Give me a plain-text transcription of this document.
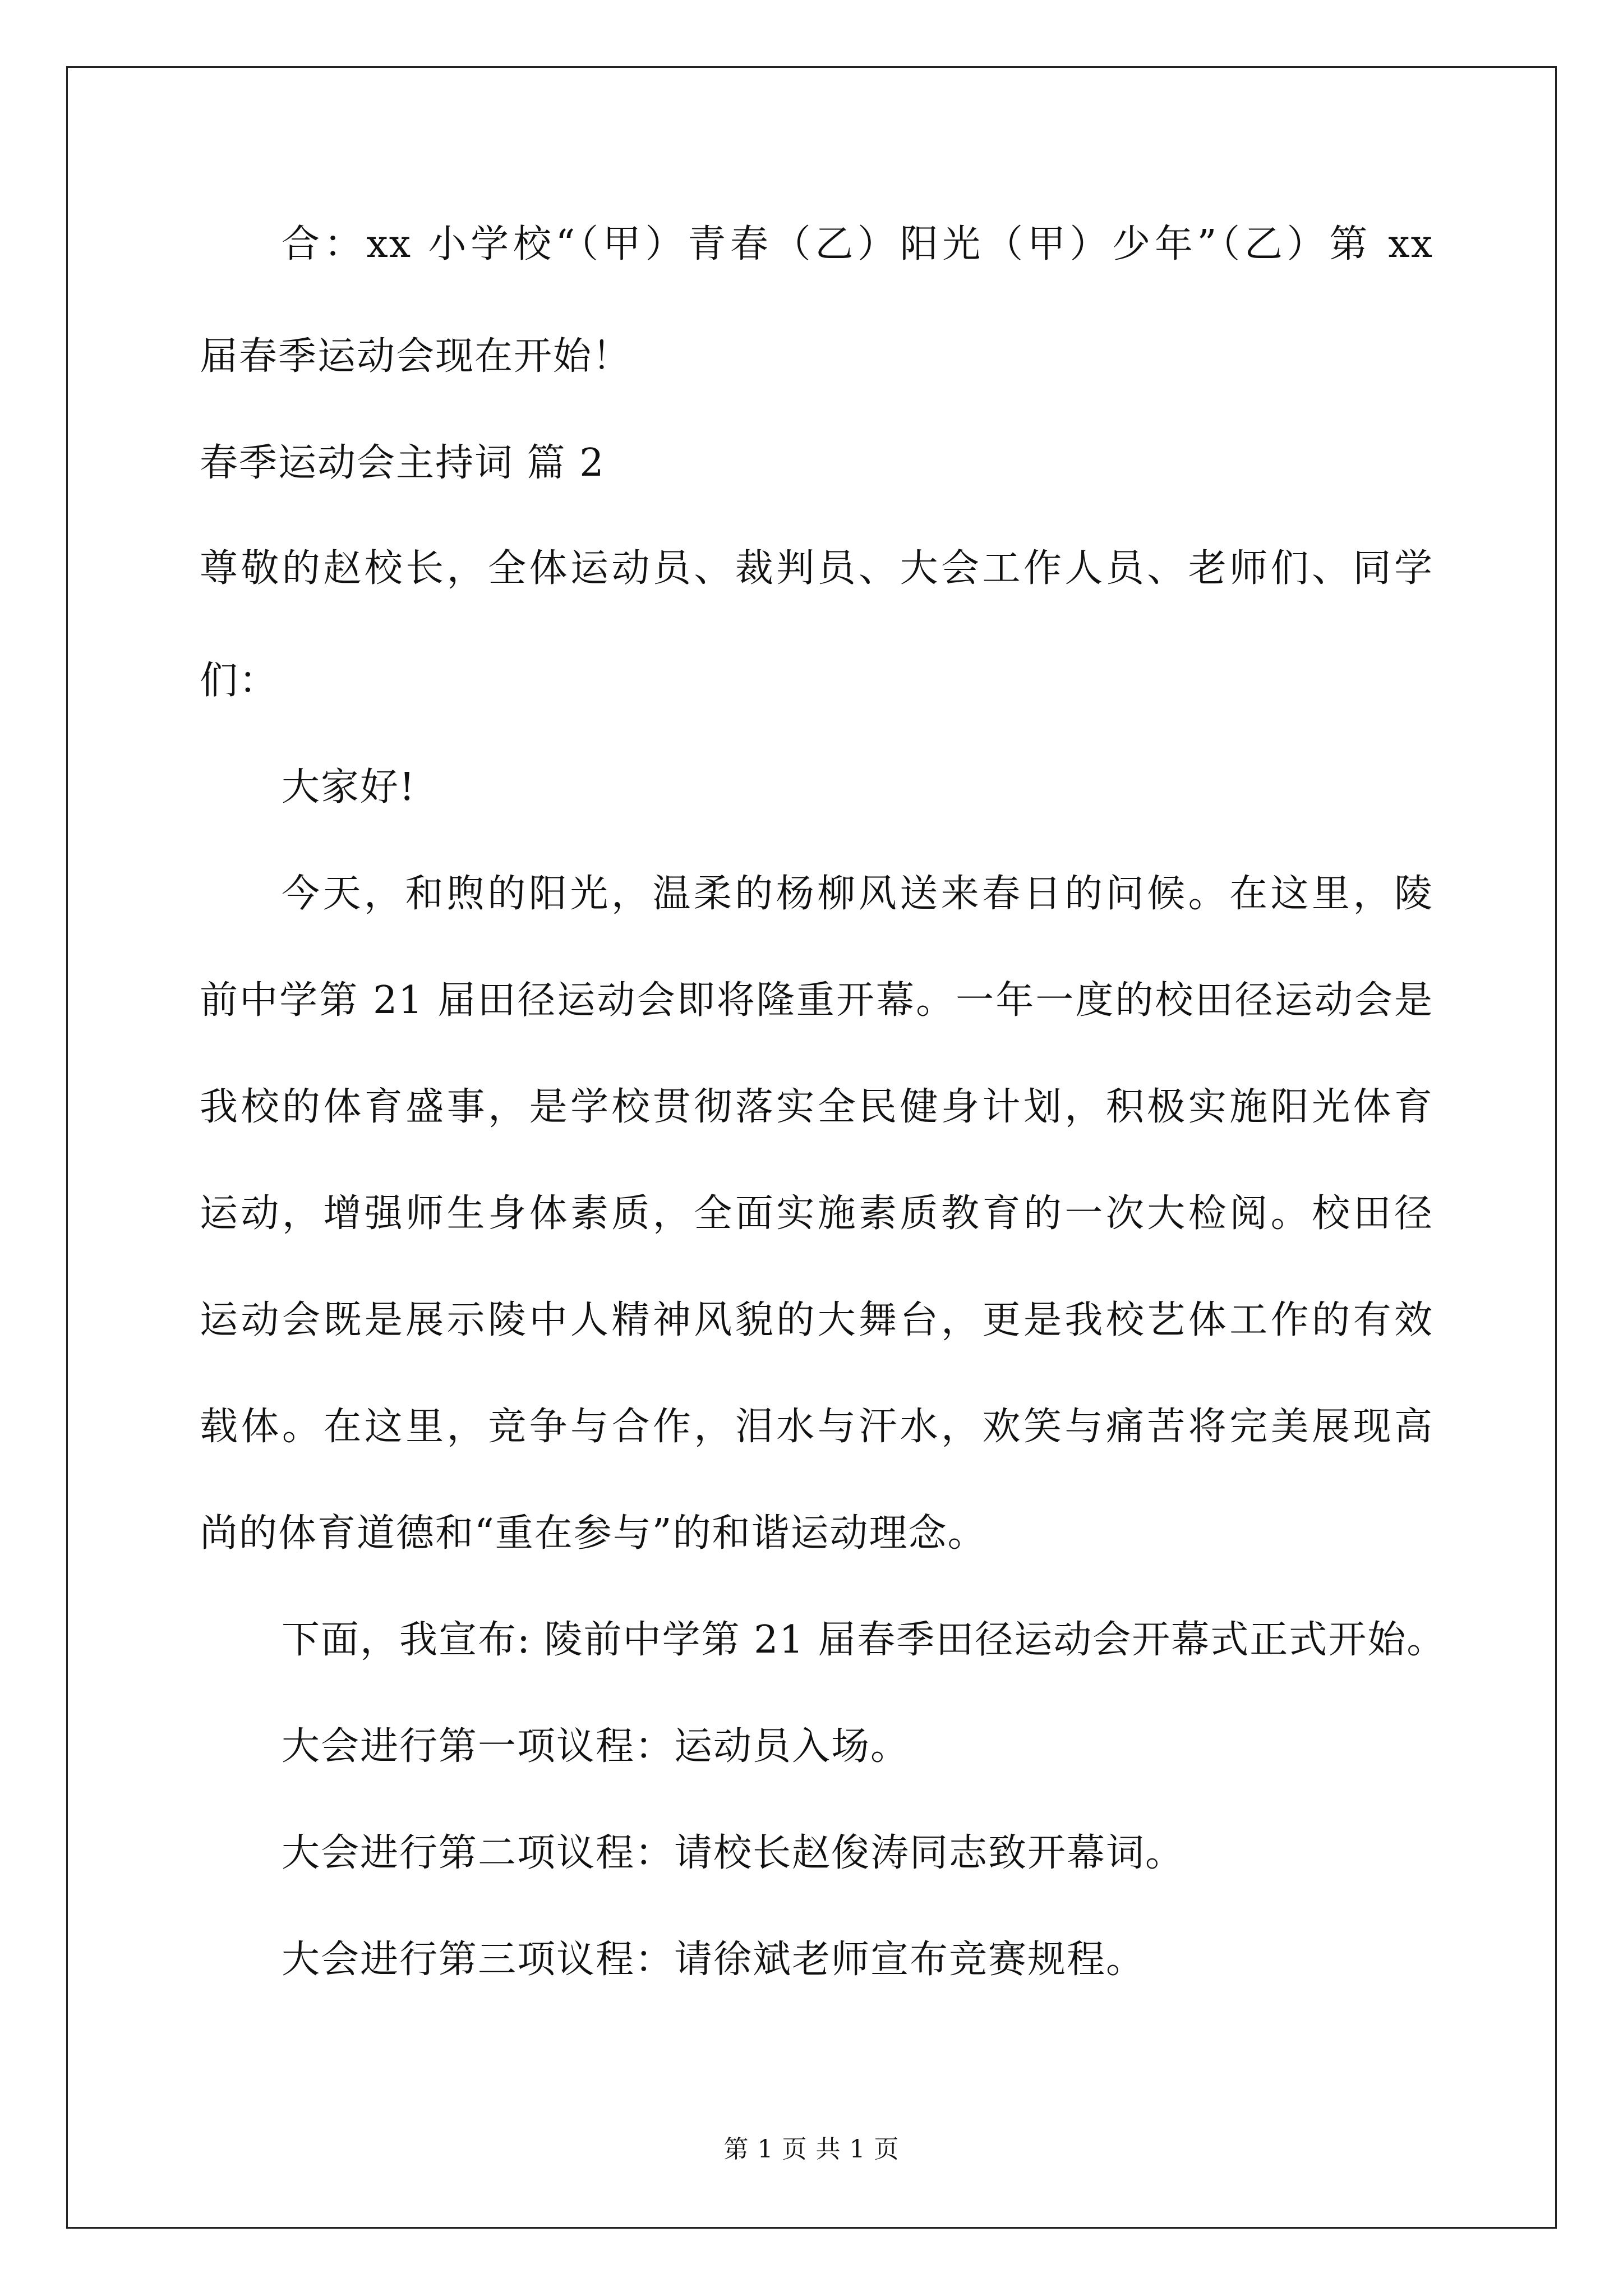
合：xx 小学校“（甲）青春（乙）阳光（甲）少年”（乙）第 xx
届春季运动会现在开始！
春季运动会主持词 篇 2
尊敬的赵校长，全体运动员、裁判员、大会工作人员、老师们、同学
们：
大家好!
今天，和煦的阳光，温柔的杨柳风送来春日的问候。在这里，陵
前中学第 21 届田径运动会即将隆重开幕。一年一度的校田径运动会是
我校的体育盛事，是学校贯彻落实全民健身计划，积极实施阳光体育
运动，增强师生身体素质，全面实施素质教育的一次大检阅。校田径
运动会既是展示陵中人精神风貌的大舞台，更是我校艺体工作的有效
载体。在这里，竞争与合作，泪水与汗水，欢笑与痛苦将完美展现高
尚的体育道德和“重在参与”的和谐运动理念。
下面，我宣布: 陵前中学第 21 届春季田径运动会开幕式正式开始。
大会进行第一项议程：运动员入场。
大会进行第二项议程：请校长赵俊涛同志致开幕词。
大会进行第三项议程：请徐斌老师宣布竞赛规程。
第 1 页 共 1 页
